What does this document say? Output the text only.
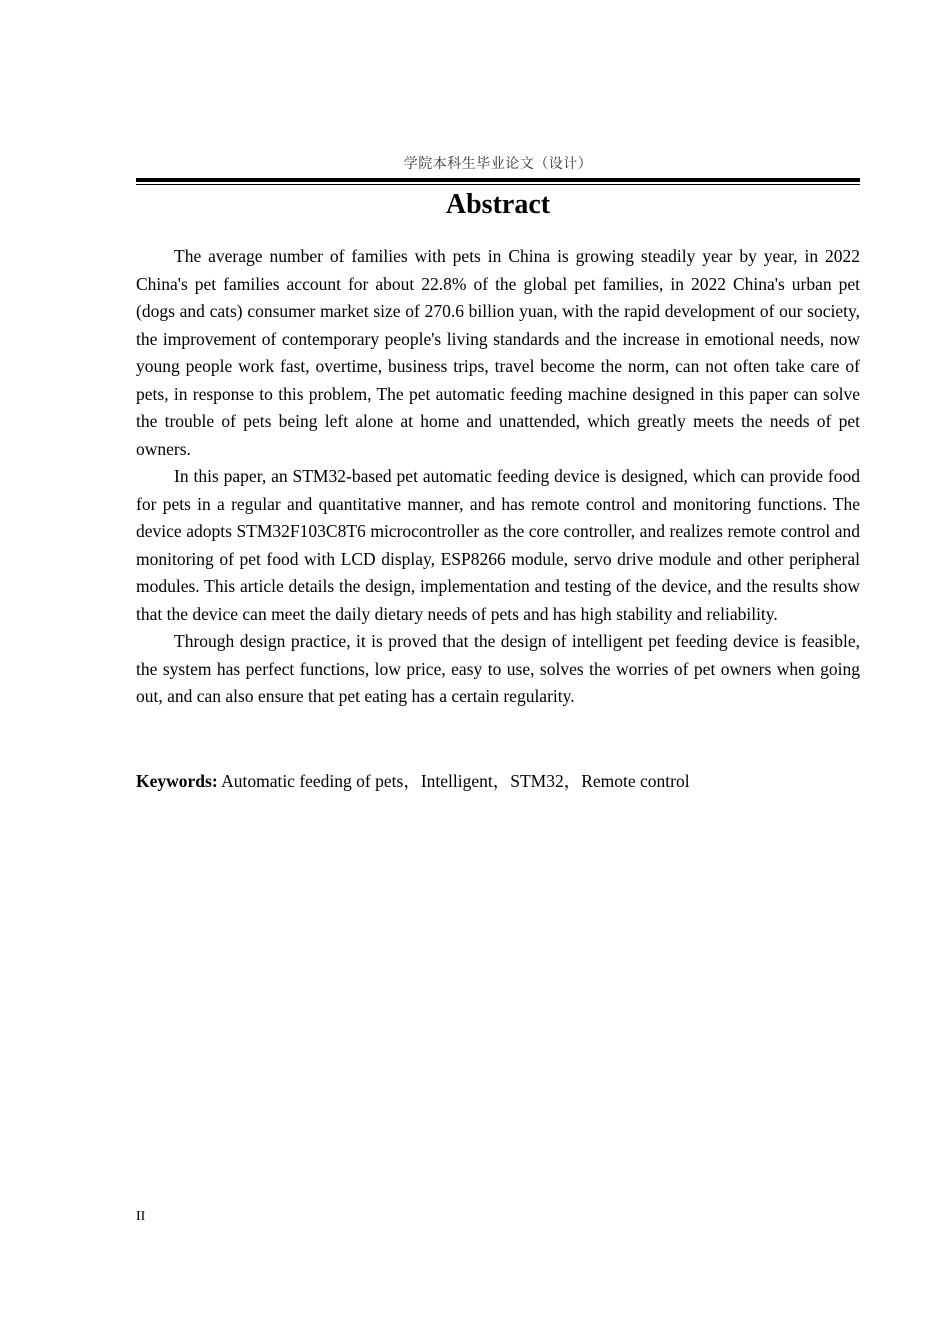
学院本科生毕业论文（设计）
Abstract

The average number of families with pets in China is growing steadily year by year, in 2022 China's pet families account for about 22.8% of the global pet families, in 2022 China's urban pet (dogs and cats) consumer market size of 270.6 billion yuan, with the rapid development of our society, the improvement of contemporary people's living standards and the increase in emotional needs, now young people work fast, overtime, business trips, travel become the norm, can not often take care of pets, in response to this problem, The pet automatic feeding machine designed in this paper can solve the trouble of pets being left alone at home and unattended, which greatly meets the needs of pet owners.

In this paper, an STM32-based pet automatic feeding device is designed, which can provide food for pets in a regular and quantitative manner, and has remote control and monitoring functions. The device adopts STM32F103C8T6 microcontroller as the core controller, and realizes remote control and monitoring of pet food with LCD display, ESP8266 module, servo drive module and other peripheral modules. This article details the design, implementation and testing of the device, and the results show that the device can meet the daily dietary needs of pets and has high stability and reliability.

Through design practice, it is proved that the design of intelligent pet feeding device is feasible, the system has perfect functions, low price, easy to use, solves the worries of pet owners when going out, and can also ensure that pet eating has a certain regularity.

Keywords: Automatic feeding of pets，Intelligent，STM32，Remote control
II
